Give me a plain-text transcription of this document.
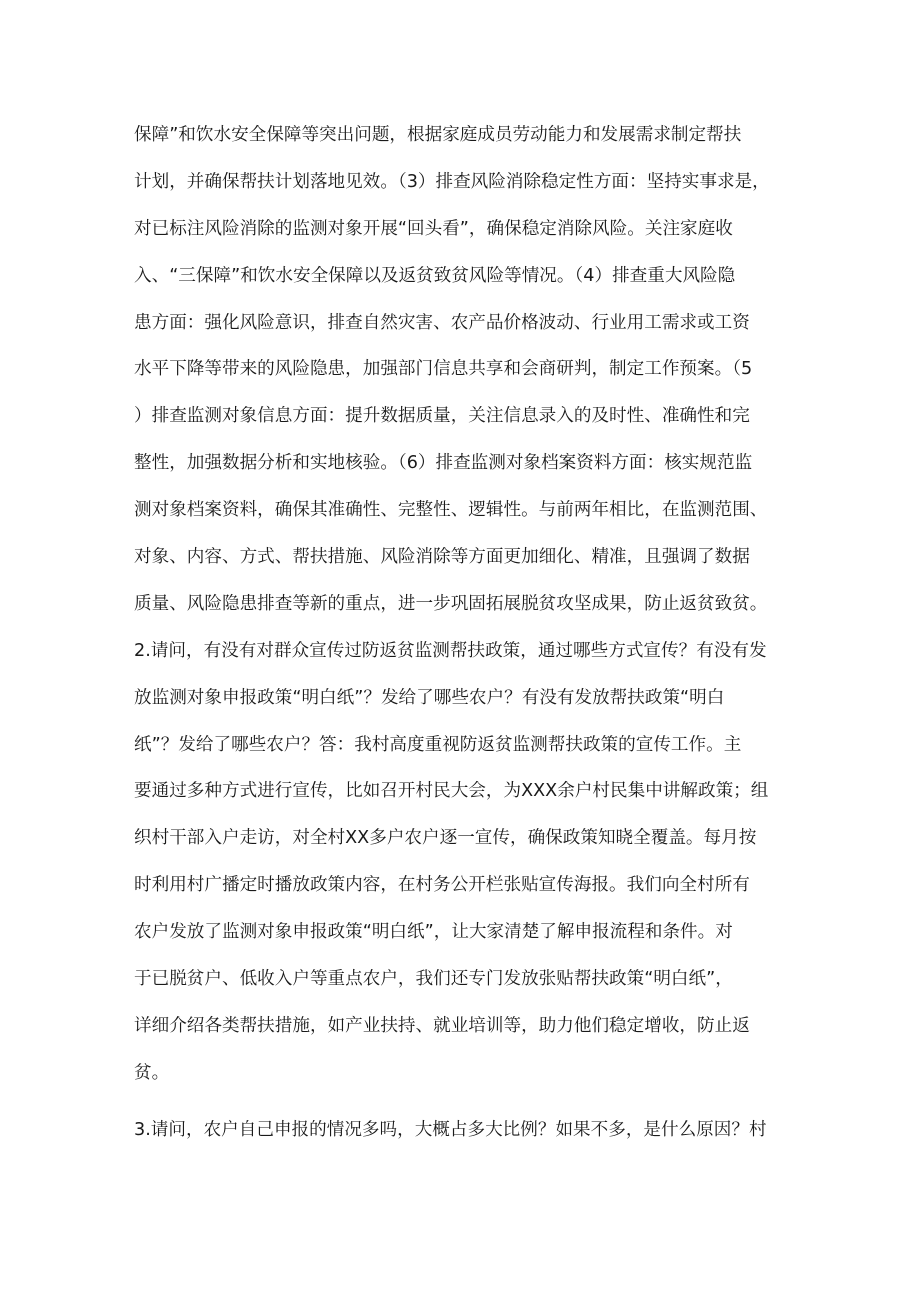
保障”和饮水安全保障等突出问题，根据家庭成员劳动能力和发展需求制定帮扶
计划，并确保帮扶计划落地见效。（3）排查风险消除稳定性方面：坚持实事求是，
对已标注风险消除的监测对象开展“回头看”，确保稳定消除风险。关注家庭收
入、“三保障”和饮水安全保障以及返贫致贫风险等情况。（4）排查重大风险隐
患方面：强化风险意识，排查自然灾害、农产品价格波动、行业用工需求或工资
水平下降等带来的风险隐患，加强部门信息共享和会商研判，制定工作预案。（5
）排查监测对象信息方面：提升数据质量，关注信息录入的及时性、准确性和完
整性，加强数据分析和实地核验。（6）排查监测对象档案资料方面：核实规范监
测对象档案资料，确保其准确性、完整性、逻辑性。与前两年相比，在监测范围、
对象、内容、方式、帮扶措施、风险消除等方面更加细化、精准，且强调了数据
质量、风险隐患排查等新的重点，进一步巩固拓展脱贫攻坚成果，防止返贫致贫。
2.请问，有没有对群众宣传过防返贫监测帮扶政策，通过哪些方式宣传？有没有发
放监测对象申报政策“明白纸”？发给了哪些农户？有没有发放帮扶政策“明白
纸”？发给了哪些农户？答：我村高度重视防返贫监测帮扶政策的宣传工作。主
要通过多种方式进行宣传，比如召开村民大会，为XXX余户村民集中讲解政策；组
织村干部入户走访，对全村XX多户农户逐一宣传，确保政策知晓全覆盖。每月按
时利用村广播定时播放政策内容，在村务公开栏张贴宣传海报。我们向全村所有
农户发放了监测对象申报政策“明白纸”，让大家清楚了解申报流程和条件。对
于已脱贫户、低收入户等重点农户，我们还专门发放张贴帮扶政策“明白纸”，
详细介绍各类帮扶措施，如产业扶持、就业培训等，助力他们稳定增收，防止返
贫。
3.请问，农户自己申报的情况多吗，大概占多大比例？如果不多，是什么原因？村
